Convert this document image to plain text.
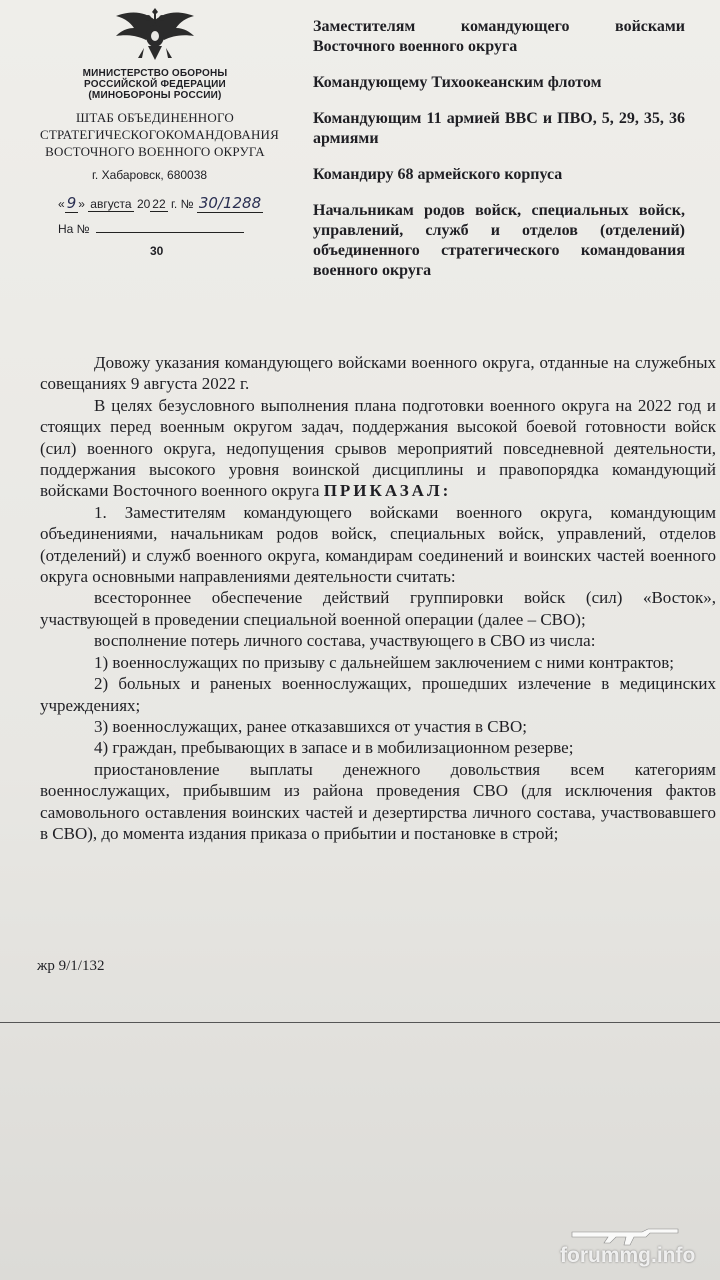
МИНИСТЕРСТВО ОБОРОНЫ
РОССИЙСКОЙ ФЕДЕРАЦИИ
(МИНОБОРОНЫ РОССИИ)
ШТАБ ОБЪЕДИНЕННОГО
СТРАТЕГИЧЕСКОГОКОМАНДОВАНИЯ
ВОСТОЧНОГО ВОЕННОГО ОКРУГА
г. Хабаровск, 680038
« 9 » августа 20 22 г. № 30/1288
На №
30

Заместителям командующего войсками Восточного военного округа

Командующему Тихоокеанским флотом

Командующим 11 армией ВВС и ПВО, 5, 29, 35, 36 армиями

Командиру 68 армейского корпуса

Начальникам родов войск, специальных войск, управлений, служб и отделов (отделений) объединенного стратегического командования военного округа

Довожу указания командующего войсками военного округа, отданные на служебных совещаниях 9 августа 2022 г.

В целях безусловного выполнения плана подготовки военного округа на 2022 год и стоящих перед военным округом задач, поддержания высокой боевой готовности войск (сил) военного округа, недопущения срывов мероприятий повседневной деятельности, поддержания высокого уровня воинской дисциплины и правопорядка командующий войсками Восточного военного округа ПРИКАЗАЛ:

1. Заместителям командующего войсками военного округа, командующим объединениями, начальникам родов войск, специальных войск, управлений, отделов (отделений) и служб военного округа, командирам соединений и воинских частей военного округа основными направлениями деятельности считать:

всестороннее обеспечение действий группировки войск (сил) «Восток», участвующей в проведении специальной военной операции (далее – СВО);

восполнение потерь личного состава, участвующего в СВО из числа:

1) военнослужащих по призыву с дальнейшем заключением с ними контрактов;

2) больных и раненых военнослужащих, прошедших излечение в медицинских учреждениях;

3) военнослужащих, ранее отказавшихся от участия в СВО;

4) граждан, пребывающих в запасе и в мобилизационном резерве;

приостановление выплаты денежного довольствия всем категориям военнослужащих, прибывшим из района проведения СВО (для исключения фактов самовольного оставления воинских частей и дезертирства личного состава, участвовавшего в СВО), до момента издания приказа о прибытии и постановке в строй;

жр 9/1/132
forummg.info
